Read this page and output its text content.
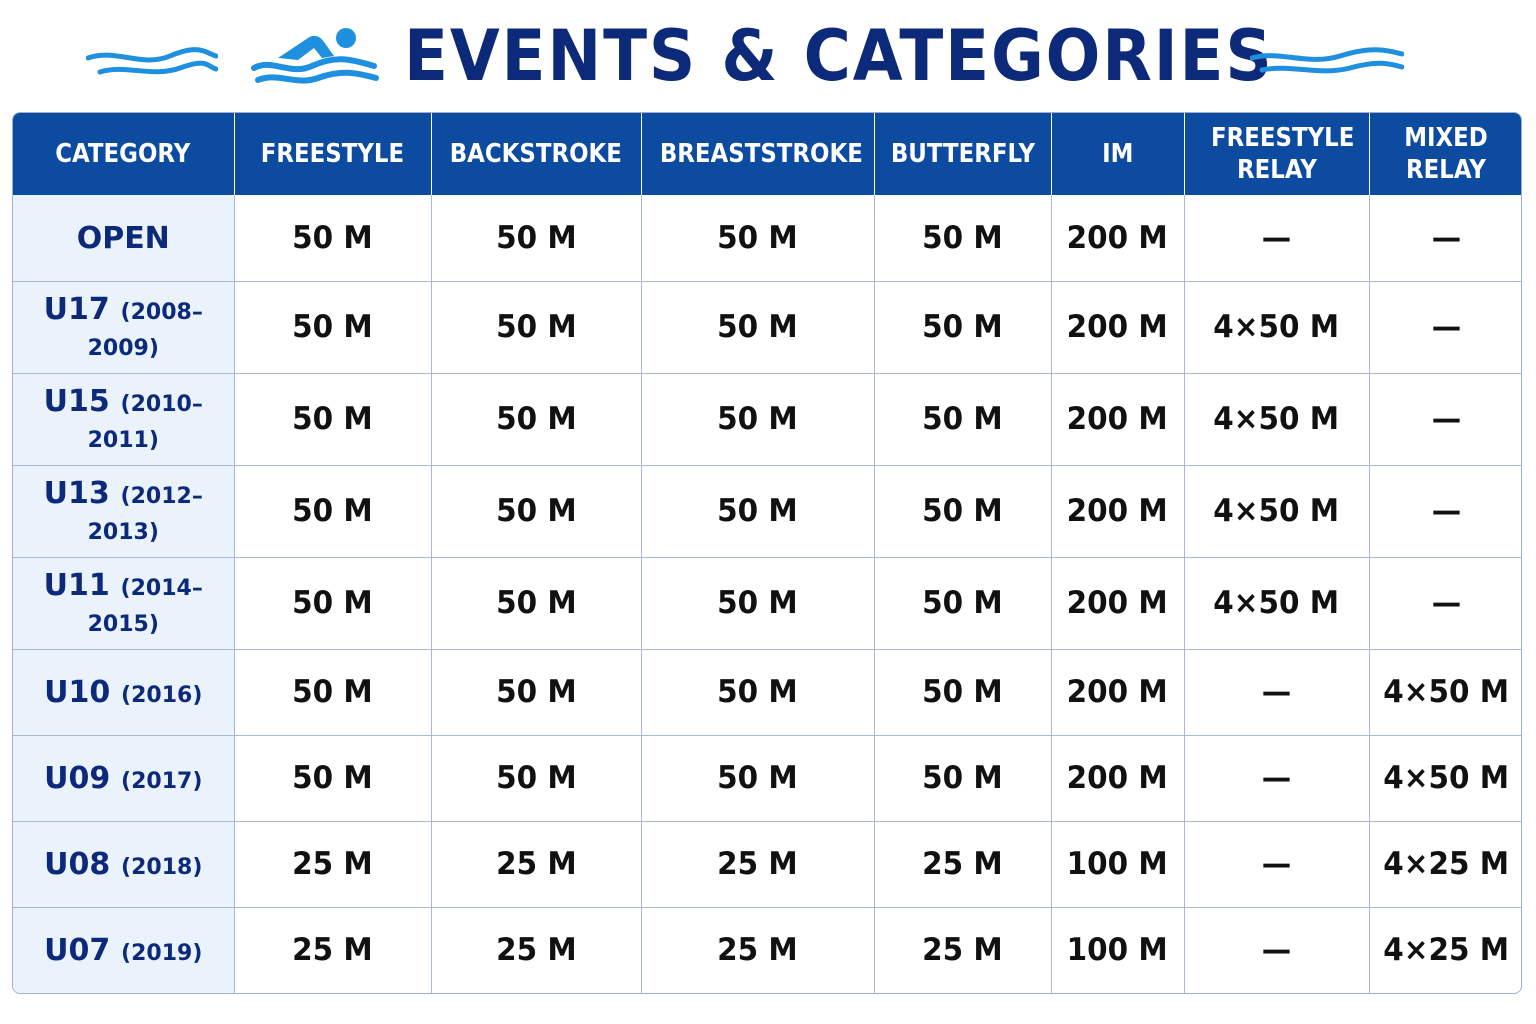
EVENTS & CATEGORIES
CATEGORY	FREESTYLE	BACKSTROKE	BREASTSTROKE	BUTTERFLY	IM	FREESTYLE RELAY	MIXED RELAY
OPEN	50 M	50 M	50 M	50 M	200 M	—	—
U17 (2008–2009)	50 M	50 M	50 M	50 M	200 M	4×50 M	—
U15 (2010–2011)	50 M	50 M	50 M	50 M	200 M	4×50 M	—
U13 (2012–2013)	50 M	50 M	50 M	50 M	200 M	4×50 M	—
U11 (2014–2015)	50 M	50 M	50 M	50 M	200 M	4×50 M	—
U10 (2016)	50 M	50 M	50 M	50 M	200 M	—	4×50 M
U09 (2017)	50 M	50 M	50 M	50 M	200 M	—	4×50 M
U08 (2018)	25 M	25 M	25 M	25 M	100 M	—	4×25 M
U07 (2019)	25 M	25 M	25 M	25 M	100 M	—	4×25 M
